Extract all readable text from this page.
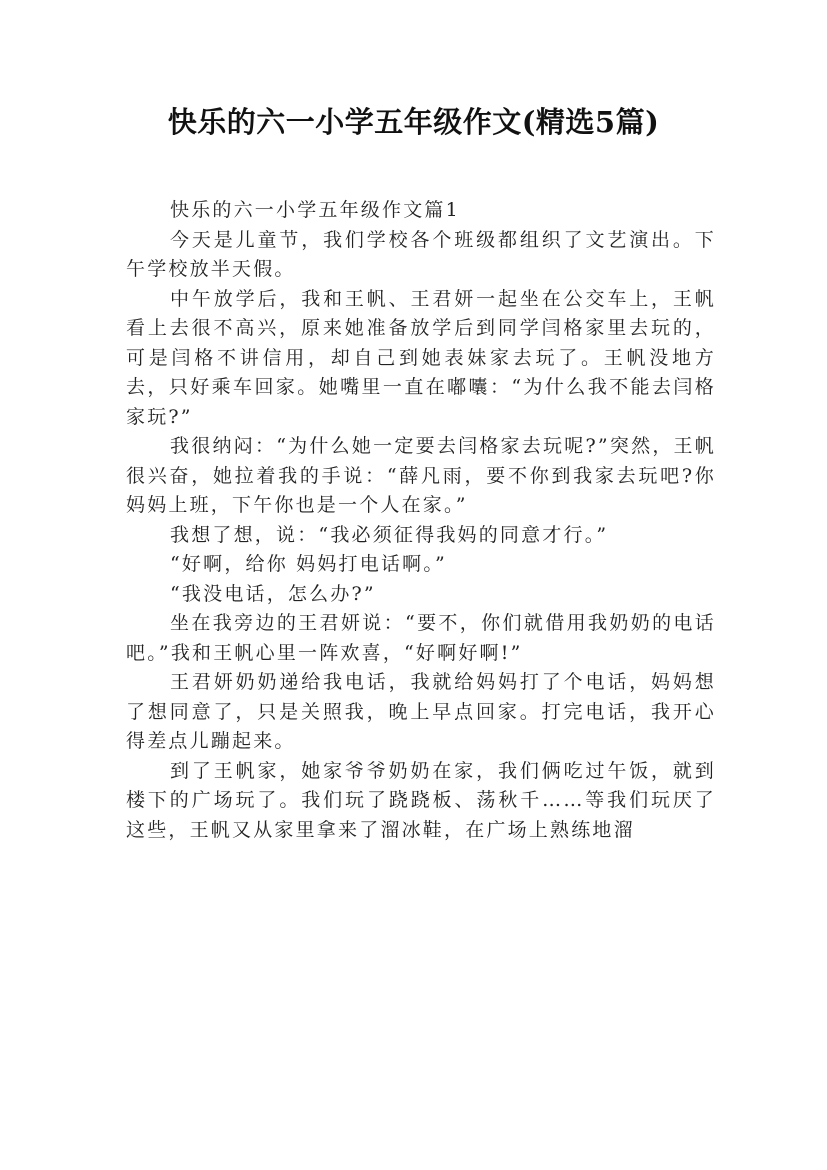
快乐的六一小学五年级作文(精选5篇)

快乐的六一小学五年级作文篇1

今天是儿童节，我们学校各个班级都组织了文艺演出。下午学校放半天假。

中午放学后，我和王帆、王君妍一起坐在公交车上，王帆看上去很不高兴，原来她准备放学后到同学闫格家里去玩的，可是闫格不讲信用，却自己到她表妹家去玩了。王帆没地方去，只好乘车回家。她嘴里一直在嘟囔：“为什么我不能去闫格家玩?”

我很纳闷：“为什么她一定要去闫格家去玩呢?”突然，王帆很兴奋，她拉着我的手说：“薛凡雨，要不你到我家去玩吧?你 妈妈上班，下午你也是一个人在家。”

我想了想，说：“我必须征得我妈的同意才行。”

“好啊，给你 妈妈打电话啊。”

“我没电话，怎么办?”

坐在我旁边的王君妍说：“要不，你们就借用我奶奶的电话吧。”我和王帆心里一阵欢喜，“好啊好啊!”

王君妍奶奶递给我电话，我就给妈妈打了个电话，妈妈想了想同意了，只是关照我，晚上早点回家。打完电话，我开心得差点儿蹦起来。

到了王帆家，她家爷爷奶奶在家，我们俩吃过午饭，就到楼下的广场玩了。我们玩了跷跷板、荡秋千……等我们玩厌了这些，王帆又从家里拿来了溜冰鞋，在广场上熟练地溜
